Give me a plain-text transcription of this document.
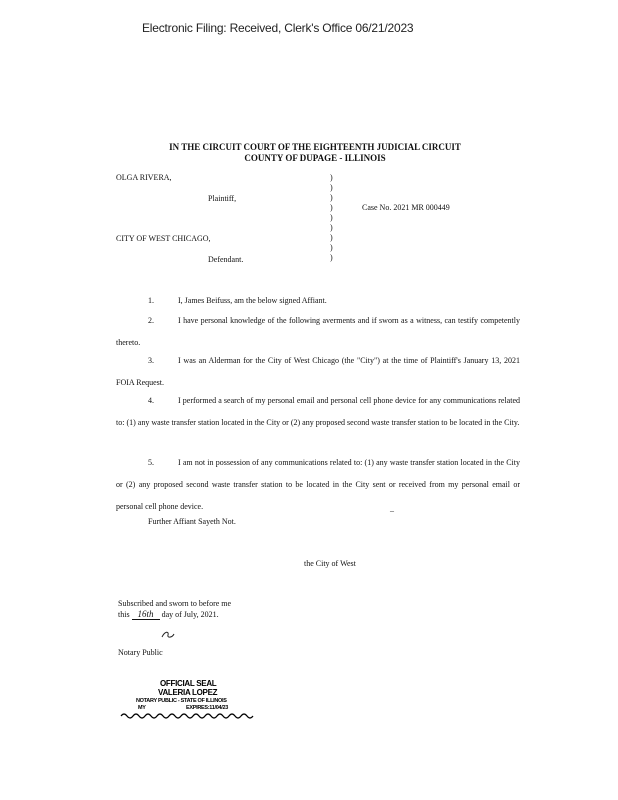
Electronic Filing: Received, Clerk's Office 06/21/2023
IN THE CIRCUIT COURT OF THE EIGHTEENTH JUDICIAL CIRCUIT
COUNTY OF DUPAGE - ILLINOIS
OLGA RIVERA,
Plaintiff,
Case No. 2021 MR 000449
CITY OF WEST CHICAGO,
Defendant.
)
)
)
)
)
)
)
)
)
1.	I, James Beifuss, am the below signed Affiant.
2.	I have personal knowledge of the following averments and if sworn as a witness, can testify competently thereto.
3.	I was an Alderman for the City of West Chicago (the "City") at the time of Plaintiff's January 13, 2021 FOIA Request.
4.	I performed a search of my personal email and personal cell phone device for any communications related to: (1) any waste transfer station located in the City or (2) any proposed second waste transfer station to be located in the City.
5.	I am not in possession of any communications related to: (1) any waste transfer station located in the City or (2) any proposed second waste transfer station to be located in the City sent or received from my personal email or personal cell phone device.
Further Affiant Sayeth Not.
–
the City of West
Subscribed and sworn to before me
this 16th day of July, 2021.
Notary Public
OFFICIAL SEAL
VALERIA LOPEZ
NOTARY PUBLIC - STATE OF ILLINOIS
MY	EXPIRES:11/04/23
